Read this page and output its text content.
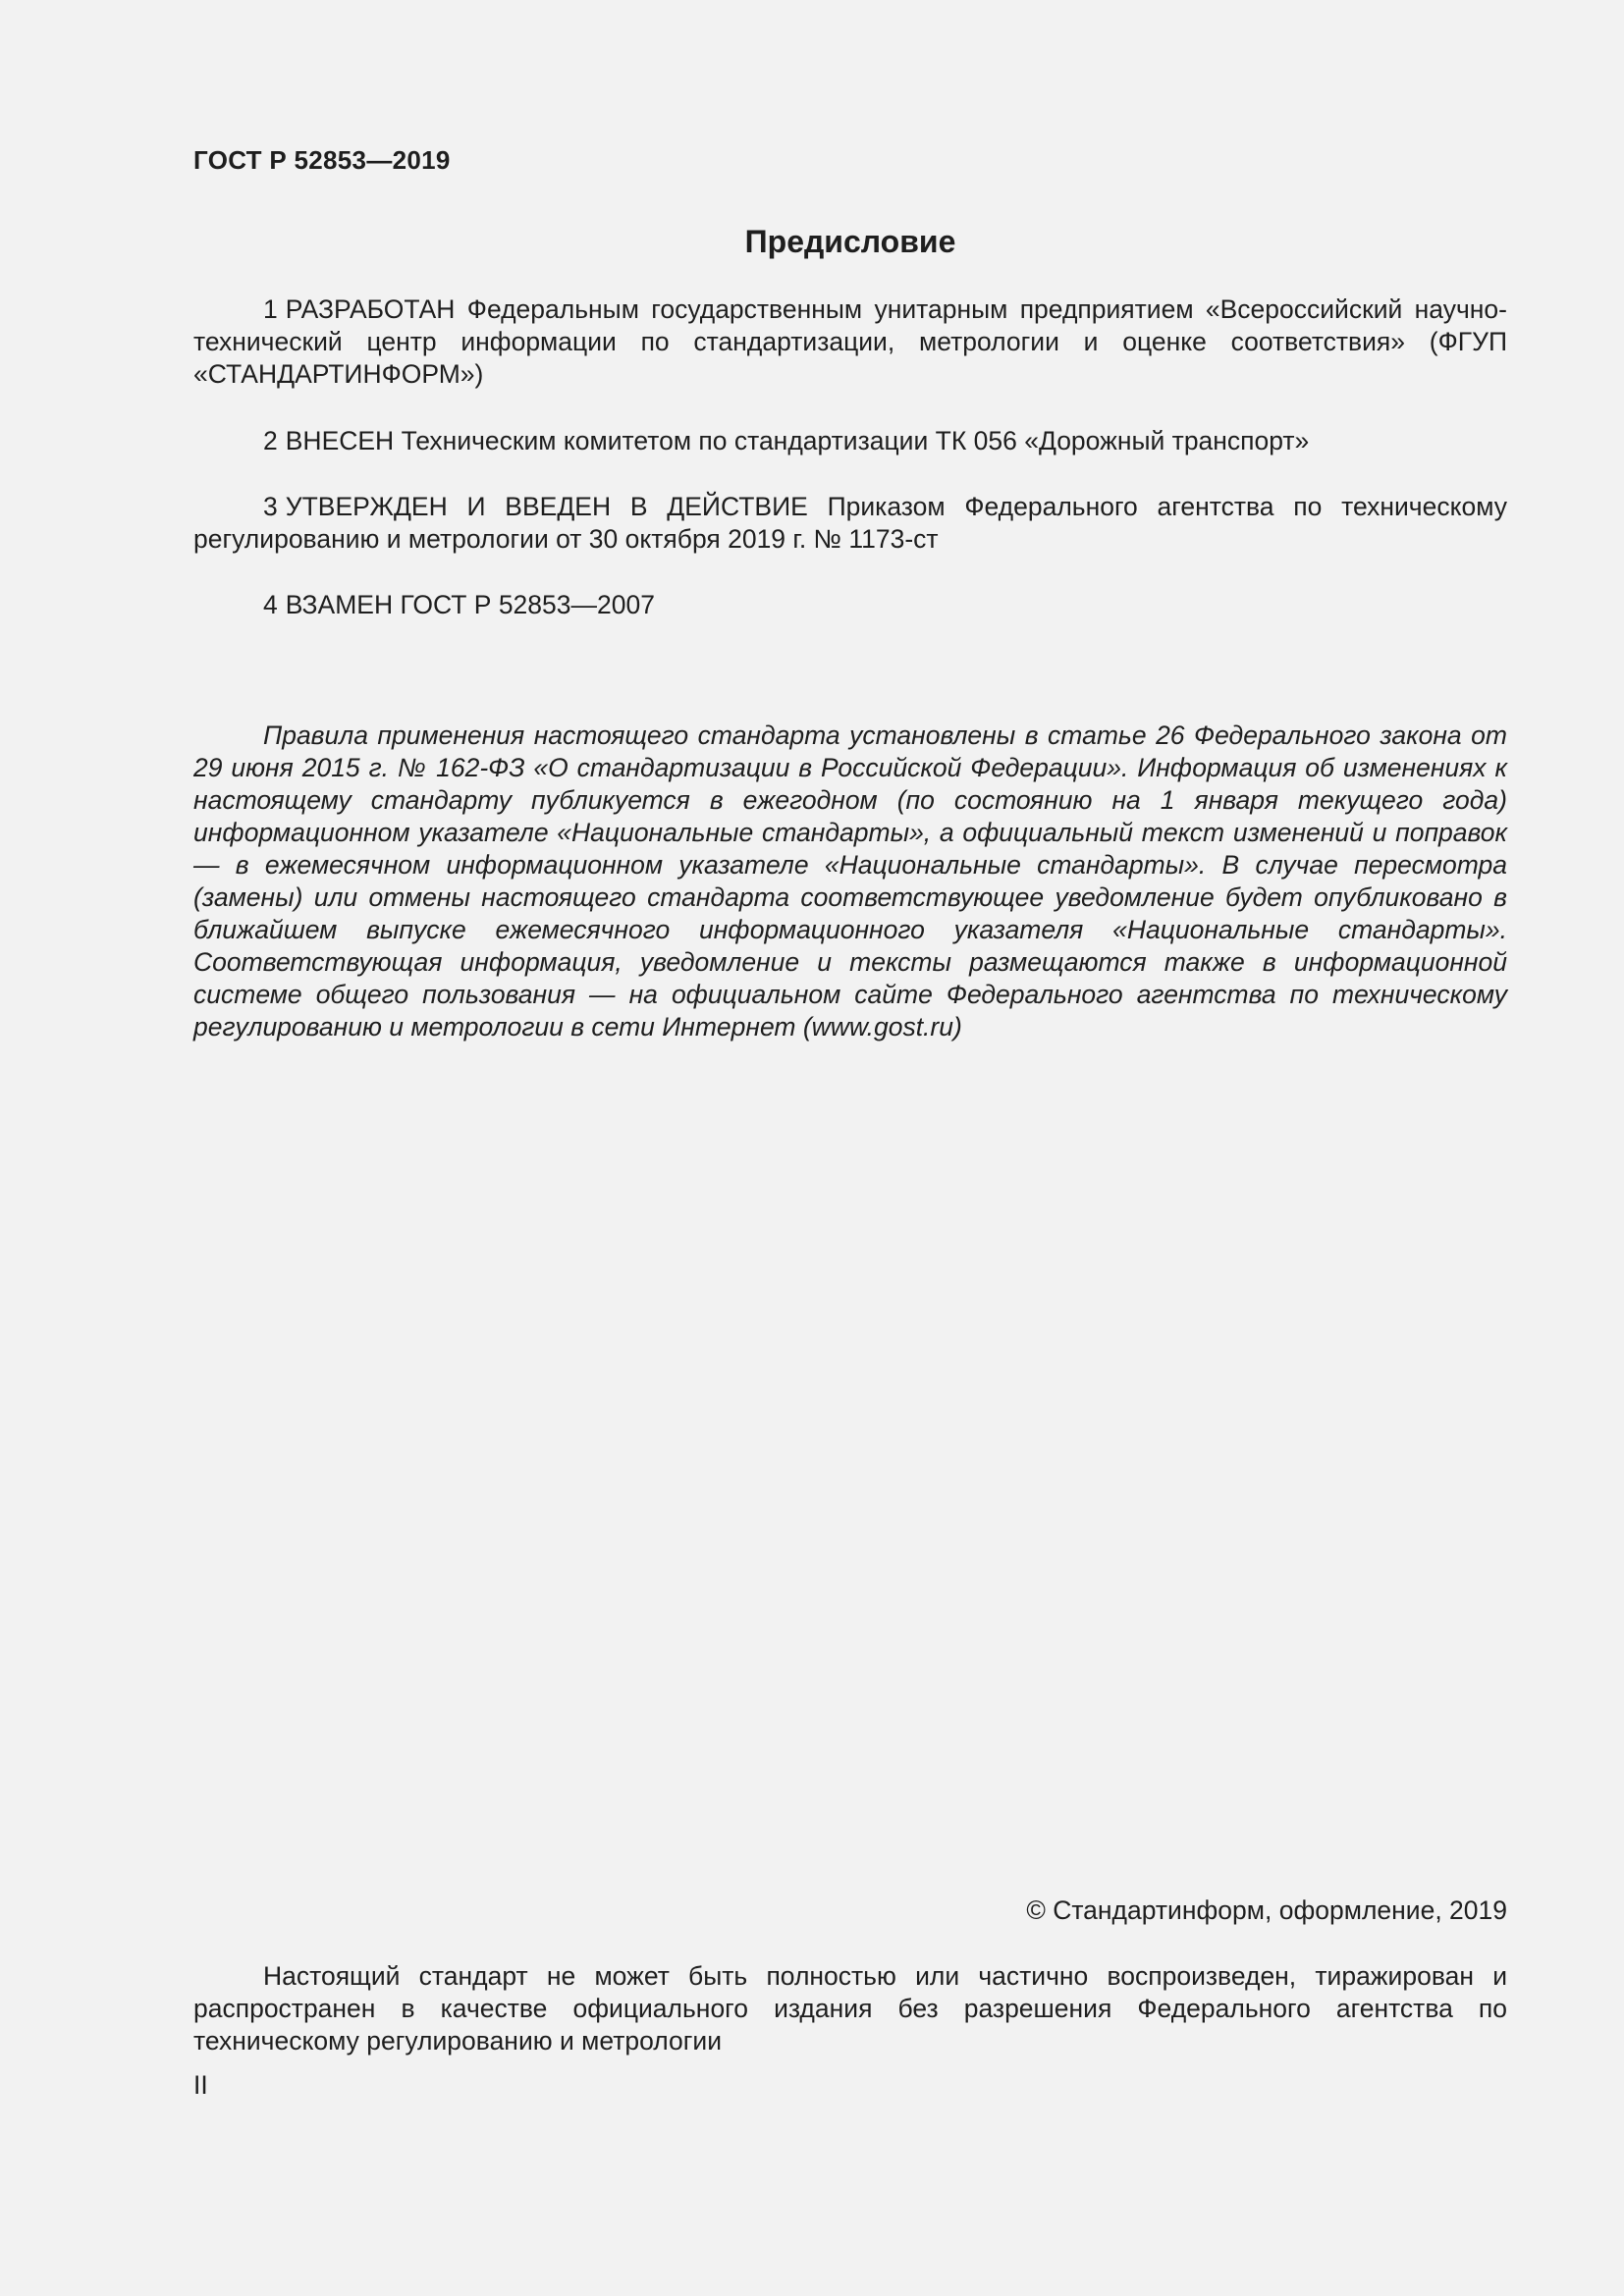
ГОСТ Р 52853—2019
Предисловие

1 РАЗРАБОТАН Федеральным государственным унитарным предприятием «Всероссийский научно-технический центр информации по стандартизации, метрологии и оценке соответствия» (ФГУП «СТАНДАРТИНФОРМ»)

2 ВНЕСЕН Техническим комитетом по стандартизации ТК 056 «Дорожный транспорт»

3 УТВЕРЖДЕН И ВВЕДЕН В ДЕЙСТВИЕ Приказом Федерального агентства по техническому регулированию и метрологии от 30 октября 2019 г. № 1173-ст

4 ВЗАМЕН ГОСТ Р 52853—2007

Правила применения настоящего стандарта установлены в статье 26 Федерального закона от 29 июня 2015 г. № 162-ФЗ «О стандартизации в Российской Федерации». Информация об изменениях к настоящему стандарту публикуется в ежегодном (по состоянию на 1 января текущего года) информационном указателе «Национальные стандарты», а официальный текст изменений и поправок — в ежемесячном информационном указателе «Национальные стандарты». В случае пересмотра (замены) или отмены настоящего стандарта соответствующее уведомление будет опубликовано в ближайшем выпуске ежемесячного информационного указателя «Национальные стандарты». Соответствующая информация, уведомление и тексты размещаются также в информационной системе общего пользования — на официальном сайте Федерального агентства по техническому регулированию и метрологии в сети Интернет (www.gost.ru)

© Стандартинформ, оформление, 2019

Настоящий стандарт не может быть полностью или частично воспроизведен, тиражирован и распространен в качестве официального издания без разрешения Федерального агентства по техническому регулированию и метрологии

II
